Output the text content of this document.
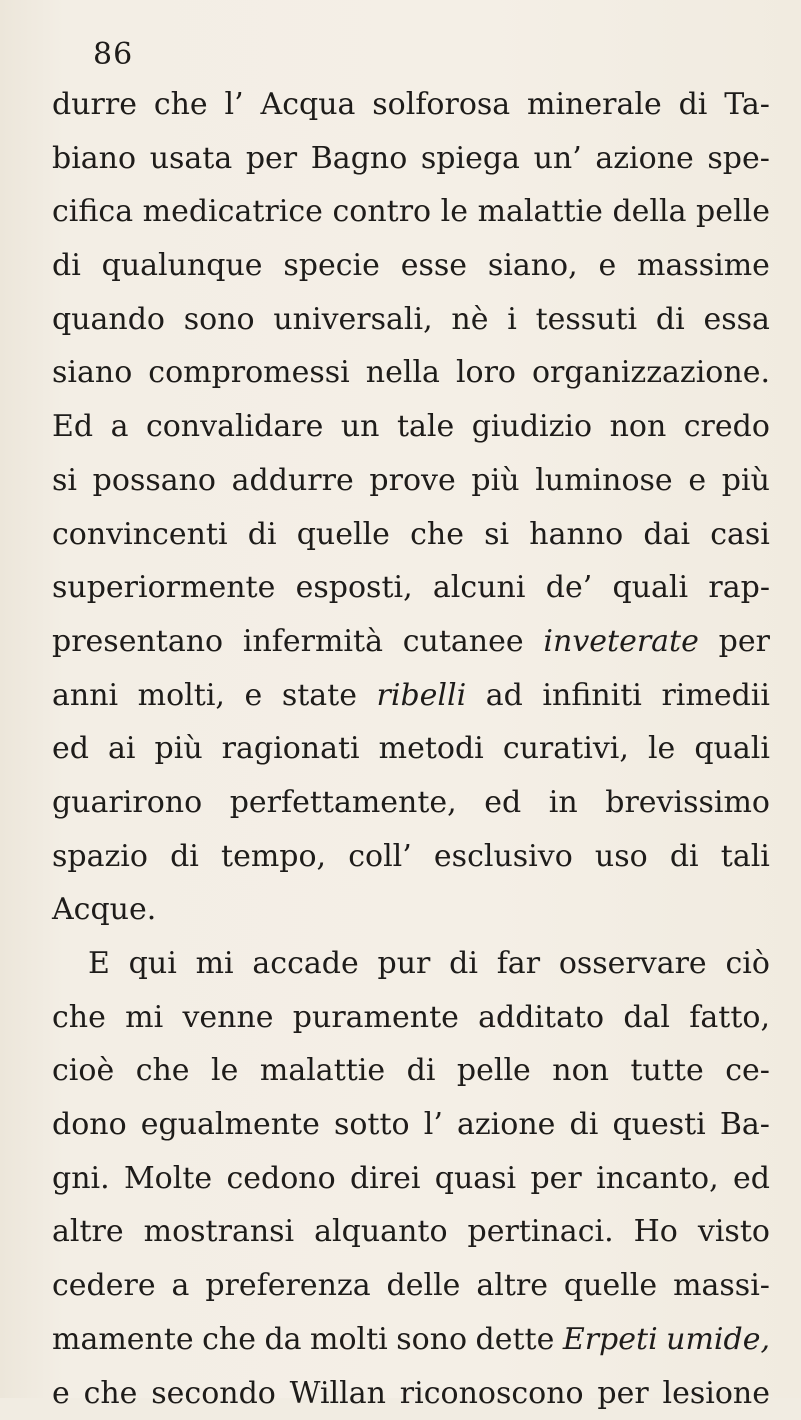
86
durre che l’ Acqua solforosa minerale di Ta-
biano usata per Bagno spiega un’ azione spe-
cifica medicatrice contro le malattie della pelle
di qualunque specie esse siano, e massime
quando sono universali, nè i tessuti di essa
siano compromessi nella loro organizzazione.
Ed a convalidare un tale giudizio non credo
si possano addurre prove più luminose e più
convincenti di quelle che si hanno dai casi
superiormente esposti, alcuni de’ quali rap-
presentano infermità cutanee inveterate per
anni molti, e state ribelli ad infiniti rimedii
ed ai più ragionati metodi curativi, le quali
guarirono perfettamente, ed in brevissimo
spazio di tempo, coll’ esclusivo uso di tali
Acque.
E qui mi accade pur di far osservare ciò
che mi venne puramente additato dal fatto,
cioè che le malattie di pelle non tutte ce-
dono egualmente sotto l’ azione di questi Ba-
gni. Molte cedono direi quasi per incanto, ed
altre mostransi alquanto pertinaci. Ho visto
cedere a preferenza delle altre quelle massi-
mamente che da molti sono dette Erpeti umide,
e che secondo Willan riconoscono per lesione
